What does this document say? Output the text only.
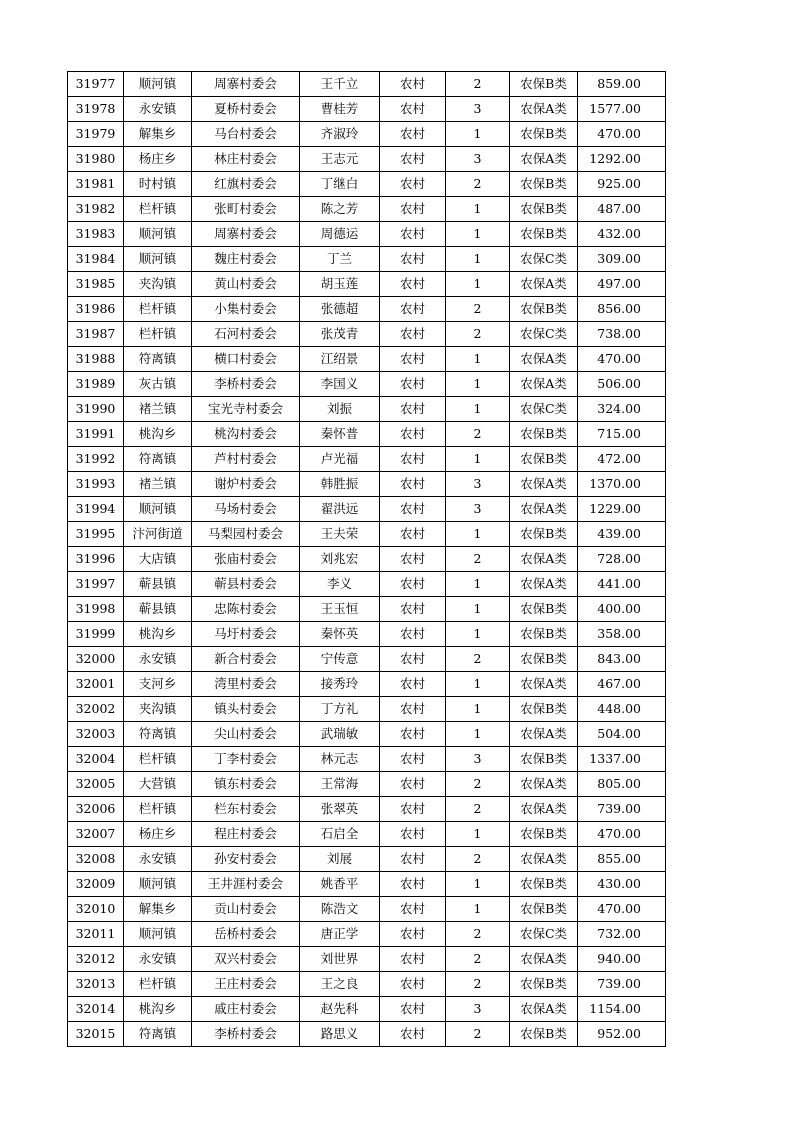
31977	顺河镇	周寨村委会	王千立	农村	2	农保B类	859.00
31978	永安镇	夏桥村委会	曹桂芳	农村	3	农保A类	1577.00
31979	解集乡	马台村委会	齐淑玲	农村	1	农保B类	470.00
31980	杨庄乡	林庄村委会	王志元	农村	3	农保A类	1292.00
31981	时村镇	红旗村委会	丁继白	农村	2	农保B类	925.00
31982	栏杆镇	张町村委会	陈之芳	农村	1	农保B类	487.00
31983	顺河镇	周寨村委会	周德运	农村	1	农保B类	432.00
31984	顺河镇	魏庄村委会	丁兰	农村	1	农保C类	309.00
31985	夹沟镇	黄山村委会	胡玉莲	农村	1	农保A类	497.00
31986	栏杆镇	小集村委会	张德超	农村	2	农保B类	856.00
31987	栏杆镇	石河村委会	张茂青	农村	2	农保C类	738.00
31988	符离镇	横口村委会	江绍景	农村	1	农保A类	470.00
31989	灰古镇	李桥村委会	李国义	农村	1	农保A类	506.00
31990	褚兰镇	宝光寺村委会	刘振	农村	1	农保C类	324.00
31991	桃沟乡	桃沟村委会	秦怀普	农村	2	农保B类	715.00
31992	符离镇	芦村村委会	卢光福	农村	1	农保B类	472.00
31993	褚兰镇	谢炉村委会	韩胜振	农村	3	农保A类	1370.00
31994	顺河镇	马场村委会	翟洪远	农村	3	农保A类	1229.00
31995	汴河街道	马梨园村委会	王夫荣	农村	1	农保B类	439.00
31996	大店镇	张庙村委会	刘兆宏	农村	2	农保A类	728.00
31997	蕲县镇	蕲县村委会	李义	农村	1	农保A类	441.00
31998	蕲县镇	忠陈村委会	王玉恒	农村	1	农保B类	400.00
31999	桃沟乡	马圩村委会	秦怀英	农村	1	农保B类	358.00
32000	永安镇	新合村委会	宁传意	农村	2	农保B类	843.00
32001	支河乡	湾里村委会	接秀玲	农村	1	农保A类	467.00
32002	夹沟镇	镇头村委会	丁方礼	农村	1	农保B类	448.00
32003	符离镇	尖山村委会	武瑞敏	农村	1	农保A类	504.00
32004	栏杆镇	丁李村委会	林元志	农村	3	农保B类	1337.00
32005	大营镇	镇东村委会	王常海	农村	2	农保A类	805.00
32006	栏杆镇	栏东村委会	张翠英	农村	2	农保A类	739.00
32007	杨庄乡	程庄村委会	石启全	农村	1	农保B类	470.00
32008	永安镇	孙安村委会	刘展	农村	2	农保A类	855.00
32009	顺河镇	王井涯村委会	姚香平	农村	1	农保B类	430.00
32010	解集乡	贡山村委会	陈浩文	农村	1	农保B类	470.00
32011	顺河镇	岳桥村委会	唐正学	农村	2	农保C类	732.00
32012	永安镇	双兴村委会	刘世界	农村	2	农保A类	940.00
32013	栏杆镇	王庄村委会	王之良	农村	2	农保B类	739.00
32014	桃沟乡	戚庄村委会	赵先科	农村	3	农保A类	1154.00
32015	符离镇	李桥村委会	路思义	农村	2	农保B类	952.00
